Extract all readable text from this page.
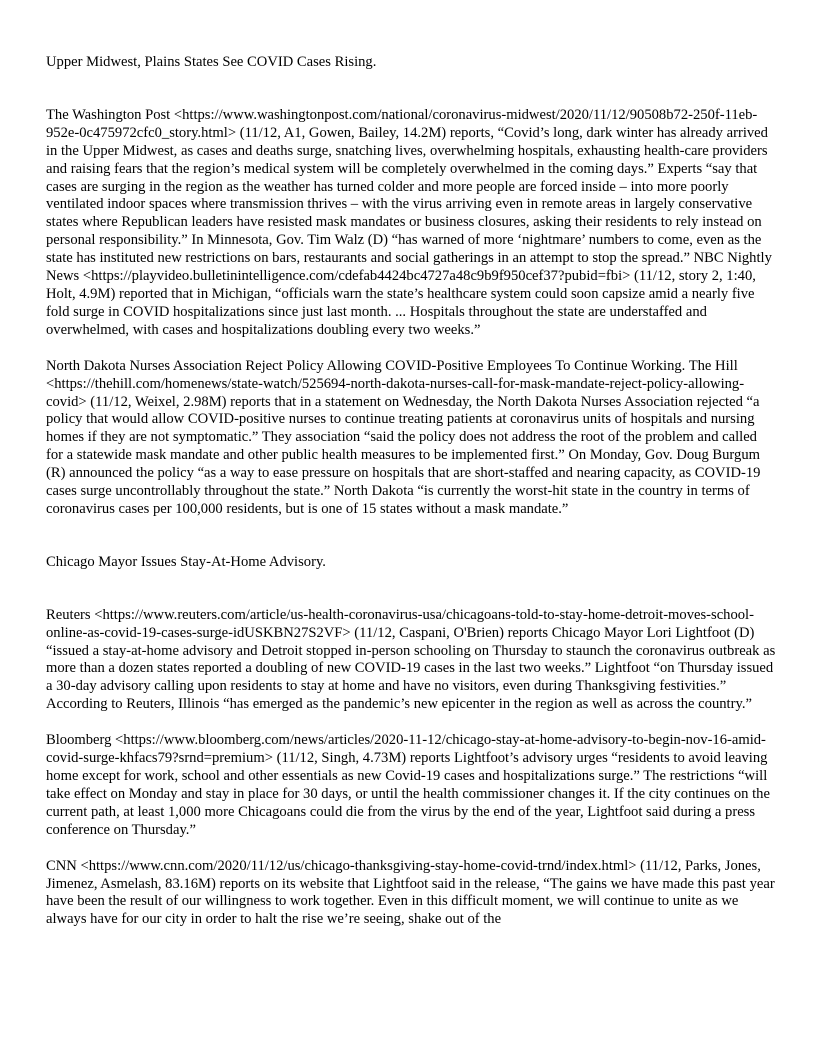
Upper Midwest, Plains States See COVID Cases Rising.

The Washington Post <https://www.washingtonpost.com/national/coronavirus-midwest/2020/11/12/90508b72-250f-11eb-952e-0c475972cfc0_story.html> (11/12, A1, Gowen, Bailey, 14.2M) reports, “Covid’s long, dark winter has already arrived in the Upper Midwest, as cases and deaths surge, snatching lives, overwhelming hospitals, exhausting health-care providers and raising fears that the region’s medical system will be completely overwhelmed in the coming days.” Experts “say that cases are surging in the region as the weather has turned colder and more people are forced inside – into more poorly ventilated indoor spaces where transmission thrives – with the virus arriving even in remote areas in largely conservative states where Republican leaders have resisted mask mandates or business closures, asking their residents to rely instead on personal responsibility.” In Minnesota, Gov. Tim Walz (D) “has warned of more ‘nightmare’ numbers to come, even as the state has instituted new restrictions on bars, restaurants and social gatherings in an attempt to stop the spread.” NBC Nightly News <https://playvideo.bulletinintelligence.com/cdefab4424bc4727a48c9b9f950cef37?pubid=fbi> (11/12, story 2, 1:40, Holt, 4.9M) reported that in Michigan, “officials warn the state’s healthcare system could soon capsize amid a nearly five fold surge in COVID hospitalizations since just last month. ... Hospitals throughout the state are understaffed and overwhelmed, with cases and hospitalizations doubling every two weeks.”

North Dakota Nurses Association Reject Policy Allowing COVID-Positive Employees To Continue Working. The Hill <https://thehill.com/homenews/state-watch/525694-north-dakota-nurses-call-for-mask-mandate-reject-policy-allowing-covid> (11/12, Weixel, 2.98M) reports that in a statement on Wednesday, the North Dakota Nurses Association rejected “a policy that would allow COVID-positive nurses to continue treating patients at coronavirus units of hospitals and nursing homes if they are not symptomatic.” They association “said the policy does not address the root of the problem and called for a statewide mask mandate and other public health measures to be implemented first.” On Monday, Gov. Doug Burgum (R) announced the policy “as a way to ease pressure on hospitals that are short-staffed and nearing capacity, as COVID-19 cases surge uncontrollably throughout the state.” North Dakota “is currently the worst-hit state in the country in terms of coronavirus cases per 100,000 residents, but is one of 15 states without a mask mandate.”

Chicago Mayor Issues Stay-At-Home Advisory.

Reuters <https://www.reuters.com/article/us-health-coronavirus-usa/chicagoans-told-to-stay-home-detroit-moves-school-online-as-covid-19-cases-surge-idUSKBN27S2VF> (11/12, Caspani, O'Brien) reports Chicago Mayor Lori Lightfoot (D) “issued a stay-at-home advisory and Detroit stopped in-person schooling on Thursday to staunch the coronavirus outbreak as more than a dozen states reported a doubling of new COVID-19 cases in the last two weeks.” Lightfoot “on Thursday issued a 30-day advisory calling upon residents to stay at home and have no visitors, even during Thanksgiving festivities.” According to Reuters, Illinois “has emerged as the pandemic’s new epicenter in the region as well as across the country.”

Bloomberg <https://www.bloomberg.com/news/articles/2020-11-12/chicago-stay-at-home-advisory-to-begin-nov-16-amid-covid-surge-khfacs79?srnd=premium> (11/12, Singh, 4.73M) reports Lightfoot’s advisory urges “residents to avoid leaving home except for work, school and other essentials as new Covid-19 cases and hospitalizations surge.” The restrictions “will take effect on Monday and stay in place for 30 days, or until the health commissioner changes it. If the city continues on the current path, at least 1,000 more Chicagoans could die from the virus by the end of the year, Lightfoot said during a press conference on Thursday.”

CNN <https://www.cnn.com/2020/11/12/us/chicago-thanksgiving-stay-home-covid-trnd/index.html> (11/12, Parks, Jones, Jimenez, Asmelash, 83.16M) reports on its website that Lightfoot said in the release, “The gains we have made this past year have been the result of our willingness to work together. Even in this difficult moment, we will continue to unite as we always have for our city in order to halt the rise we’re seeing, shake out of the
